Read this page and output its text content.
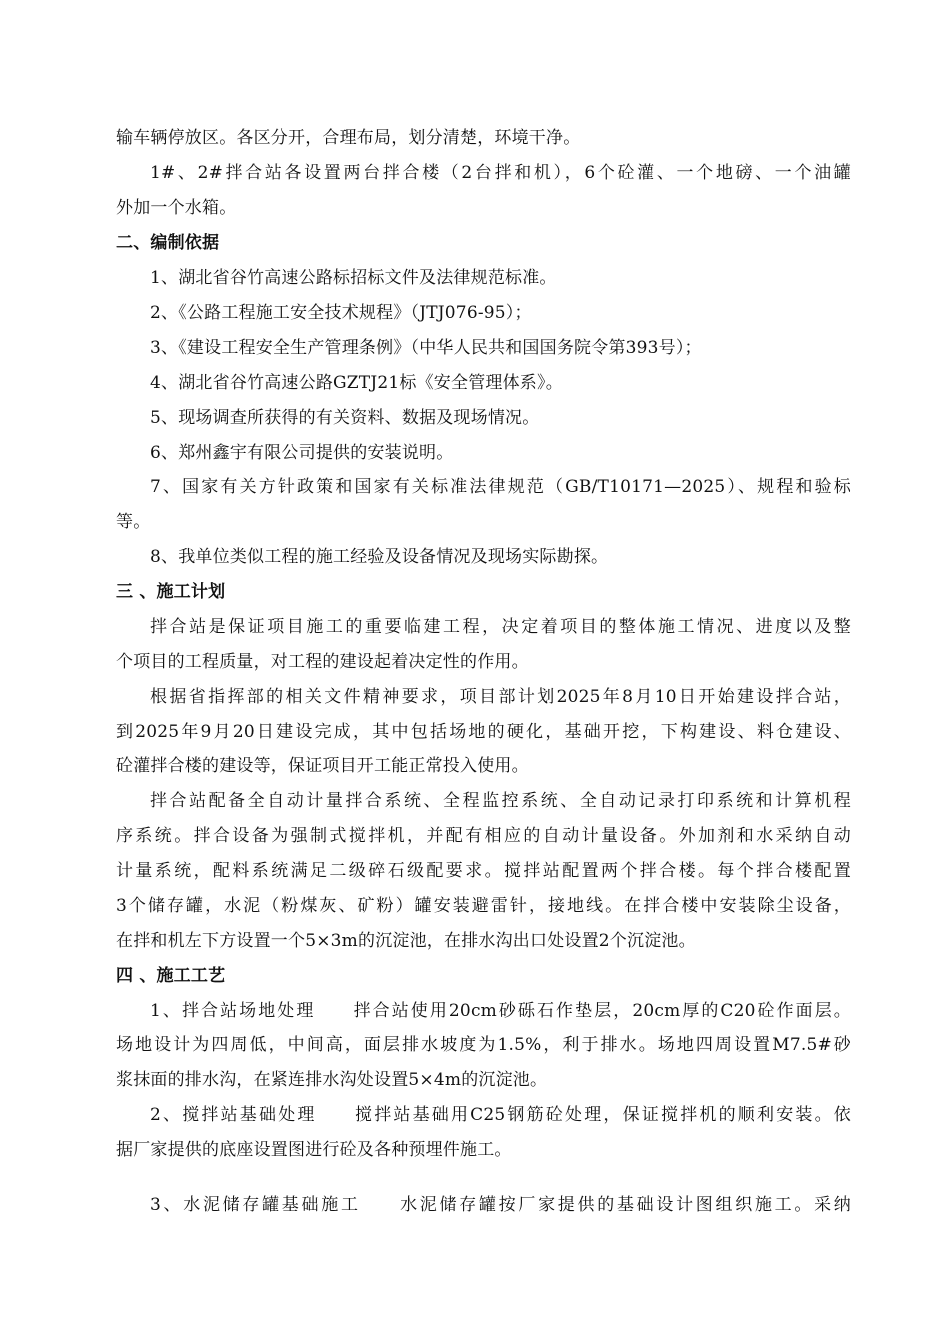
输车辆停放区。各区分开，合理布局，划分清楚，环境干净。
1#、2#拌合站各设置两台拌合楼（2台拌和机），6个砼灌、一个地磅、一个油罐
外加一个水箱。
二、编制依据
1、湖北省谷竹高速公路标招标文件及法律规范标准。
2、《公路工程施工安全技术规程》（JTJ076-95）；
3、《建设工程安全生产管理条例》（中华人民共和国国务院令第393号）；
4、湖北省谷竹高速公路GZTJ21标《安全管理体系》。
5、现场调查所获得的有关资料、数据及现场情况。
6、郑州鑫宇有限公司提供的安装说明。
7、国家有关方针政策和国家有关标准法律规范（GB/T10171—2025）、规程和验标
等。
8、我单位类似工程的施工经验及设备情况及现场实际勘探。
三 、施工计划
拌合站是保证项目施工的重要临建工程，决定着项目的整体施工情况、进度以及整
个项目的工程质量，对工程的建设起着决定性的作用。
根据省指挥部的相关文件精神要求，项目部计划2025年8月10日开始建设拌合站，
到2025年9月20日建设完成，其中包括场地的硬化，基础开挖，下构建设、料仓建设、
砼灌拌合楼的建设等，保证项目开工能正常投入使用。
拌合站配备全自动计量拌合系统、全程监控系统、全自动记录打印系统和计算机程
序系统。拌合设备为强制式搅拌机，并配有相应的自动计量设备。外加剂和水采纳自动
计量系统，配料系统满足二级碎石级配要求。搅拌站配置两个拌合楼。每个拌合楼配置
3个储存罐，水泥（粉煤灰、矿粉）罐安装避雷针，接地线。在拌合楼中安装除尘设备，
在拌和机左下方设置一个5×3m的沉淀池，在排水沟出口处设置2个沉淀池。
四 、施工工艺
1、拌合站场地处理　　拌合站使用20cm砂砾石作垫层，20cm厚的C20砼作面层。
场地设计为四周低，中间高，面层排水坡度为1.5%，利于排水。场地四周设置M7.5#砂
浆抹面的排水沟，在紧连排水沟处设置5×4m的沉淀池。
2、搅拌站基础处理　　搅拌站基础用C25钢筋砼处理，保证搅拌机的顺利安装。依
据厂家提供的底座设置图进行砼及各种预埋件施工。
3、水泥储存罐基础施工　　水泥储存罐按厂家提供的基础设计图组织施工。采纳
